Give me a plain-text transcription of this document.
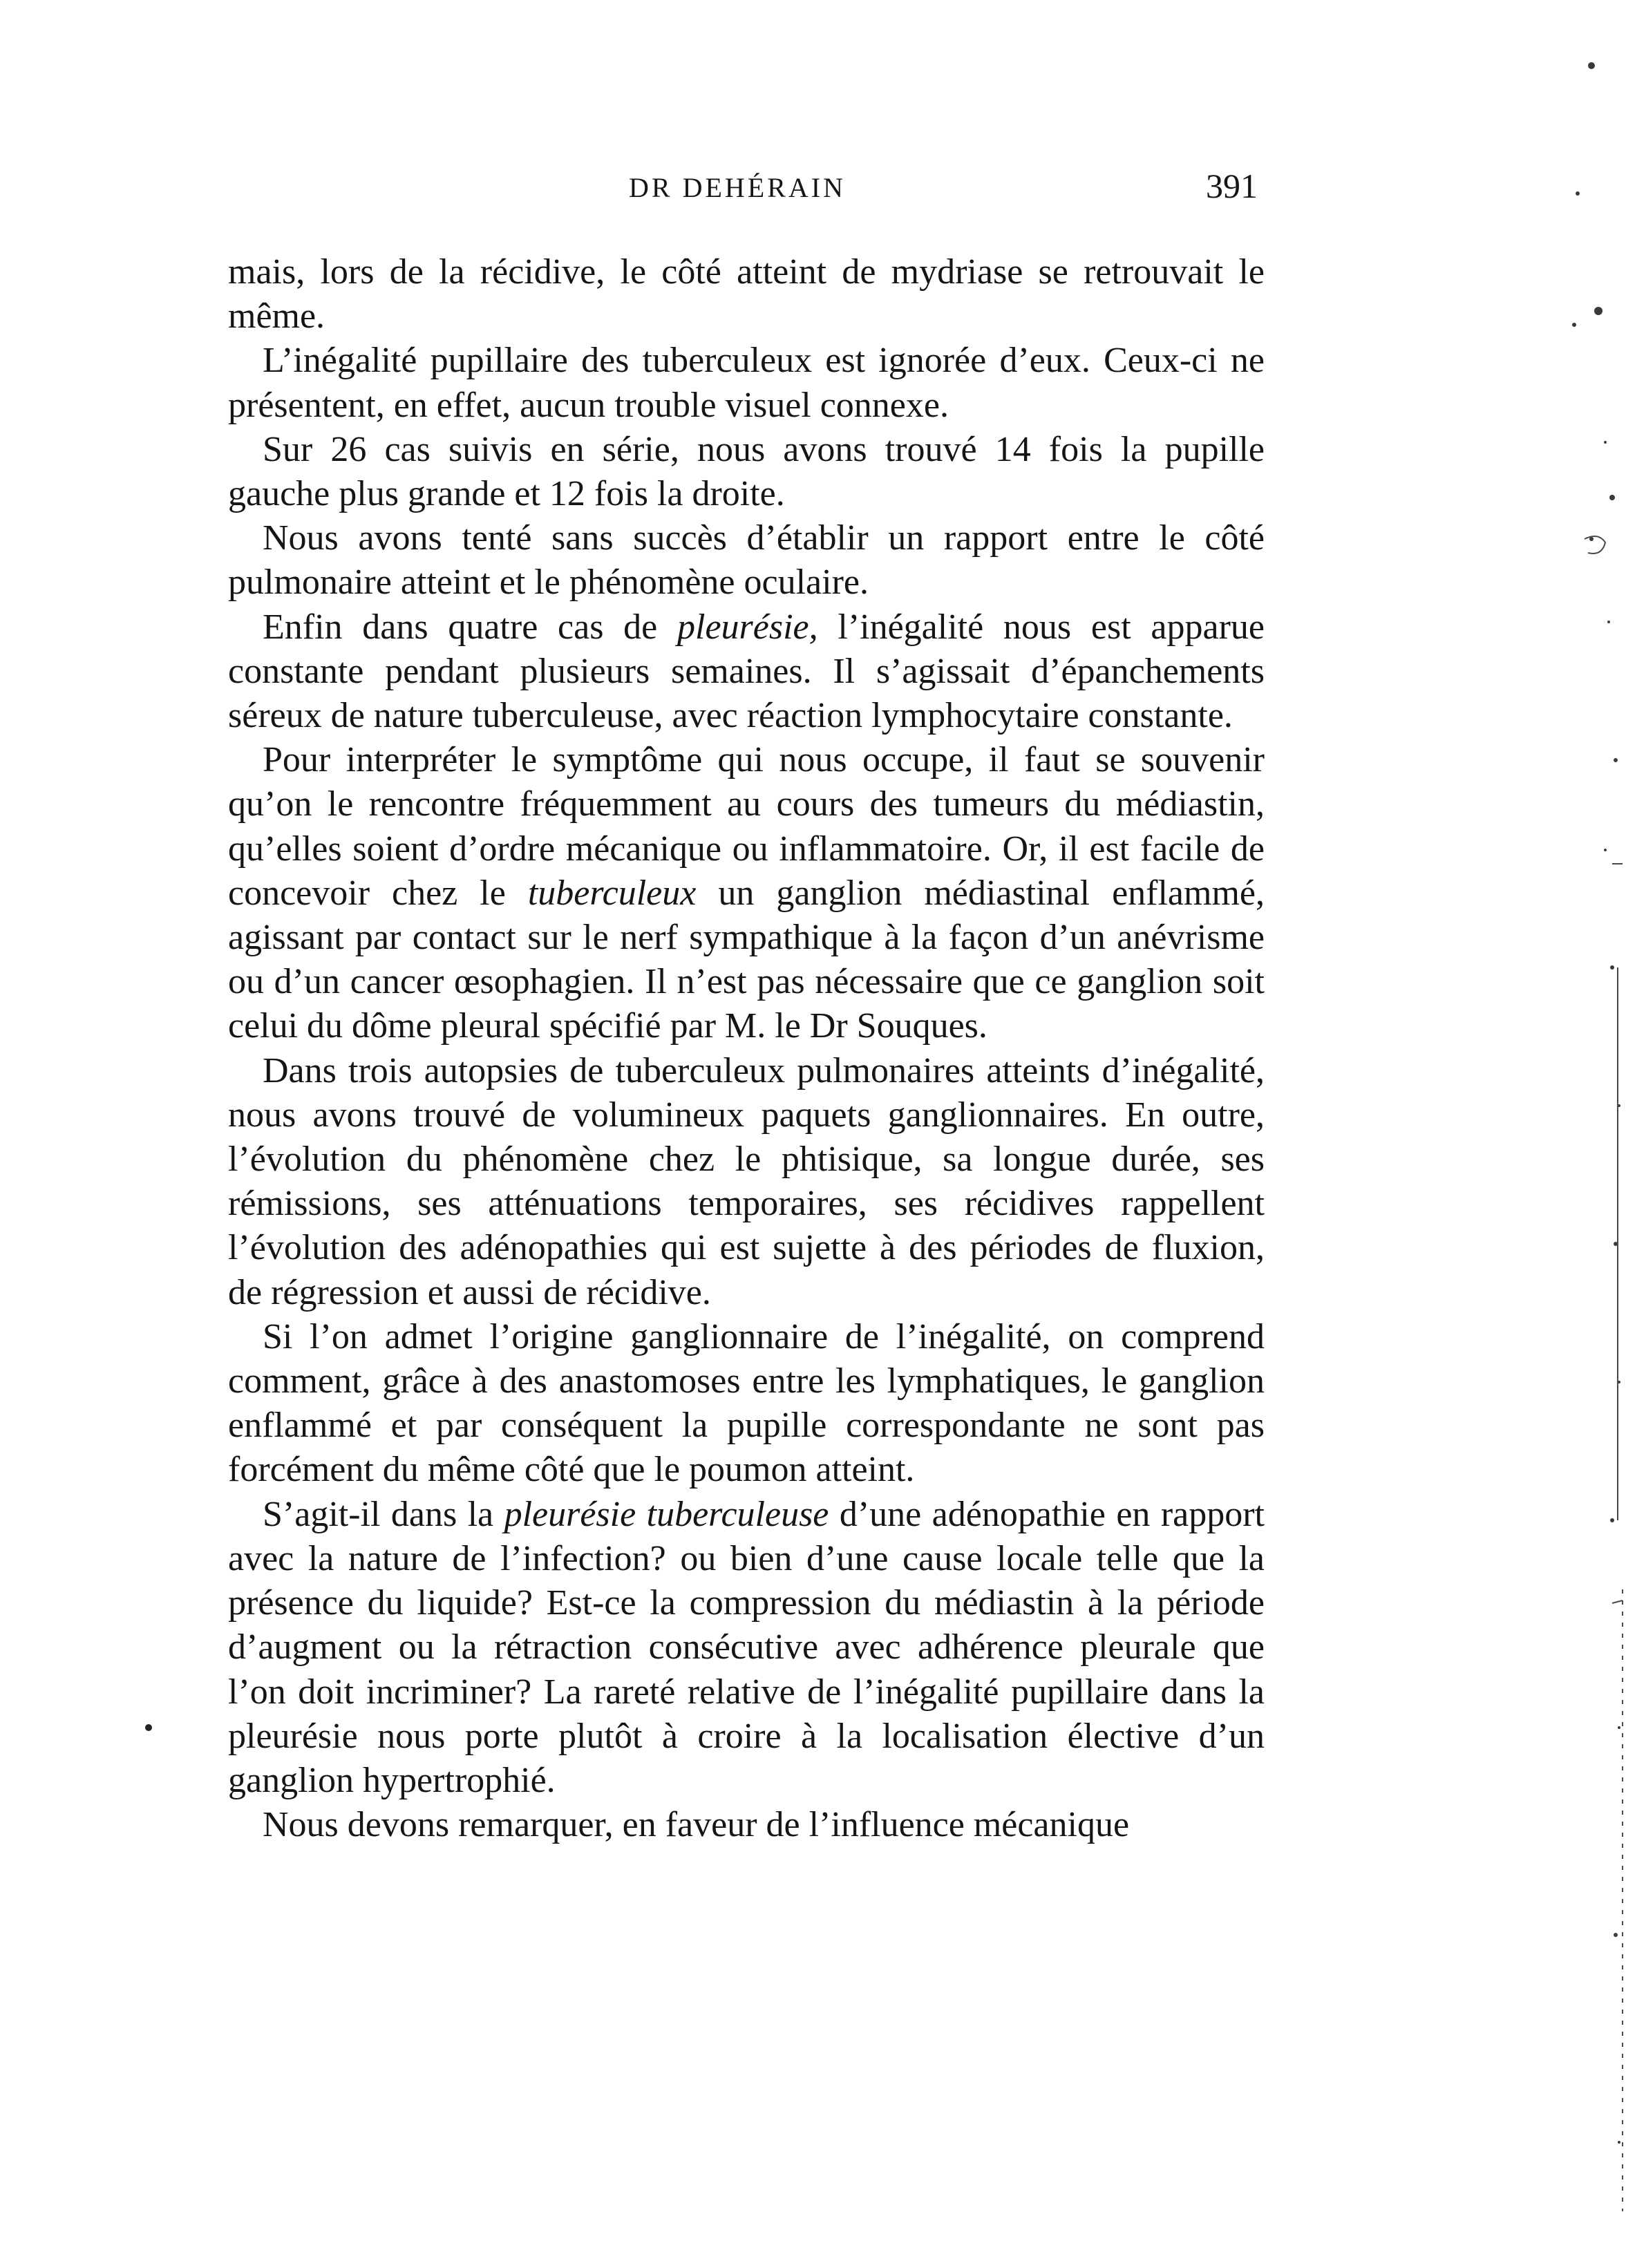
DR DEHÉRAIN	391

mais, lors de la récidive, le côté atteint de mydriase se retrouvait le même.

L’inégalité pupillaire des tuberculeux est ignorée d’eux. Ceux-ci ne présentent, en effet, aucun trouble visuel connexe.

Sur 26 cas suivis en série, nous avons trouvé 14 fois la pupille gauche plus grande et 12 fois la droite.

Nous avons tenté sans succès d’établir un rapport entre le côté pulmonaire atteint et le phénomène oculaire.

Enfin dans quatre cas de pleurésie, l’inégalité nous est apparue constante pendant plusieurs semaines. Il s’agissait d’épanchements séreux de nature tuberculeuse, avec réaction lymphocytaire constante.

Pour interpréter le symptôme qui nous occupe, il faut se souvenir qu’on le rencontre fréquemment au cours des tumeurs du médiastin, qu’elles soient d’ordre mécanique ou inflammatoire. Or, il est facile de concevoir chez le tuberculeux un ganglion médiastinal enflammé, agissant par contact sur le nerf sympathique à la façon d’un anévrisme ou d’un cancer œsophagien. Il n’est pas nécessaire que ce ganglion soit celui du dôme pleural spécifié par M. le Dr Souques.

Dans trois autopsies de tuberculeux pulmonaires atteints d’inégalité, nous avons trouvé de volumineux paquets ganglionnaires. En outre, l’évolution du phénomène chez le phtisique, sa longue durée, ses rémissions, ses atténuations temporaires, ses récidives rappellent l’évolution des adénopathies qui est sujette à des périodes de fluxion, de régression et aussi de récidive.

Si l’on admet l’origine ganglionnaire de l’inégalité, on comprend comment, grâce à des anastomoses entre les lymphatiques, le ganglion enflammé et par conséquent la pupille correspondante ne sont pas forcément du même côté que le poumon atteint.

S’agit-il dans la pleurésie tuberculeuse d’une adénopathie en rapport avec la nature de l’infection? ou bien d’une cause locale telle que la présence du liquide? Est-ce la compression du médiastin à la période d’augment ou la rétraction consécutive avec adhérence pleurale que l’on doit incriminer? La rareté relative de l’inégalité pupillaire dans la pleurésie nous porte plutôt à croire à la localisation élective d’un ganglion hypertrophié.

Nous devons remarquer, en faveur de l’influence mécanique
